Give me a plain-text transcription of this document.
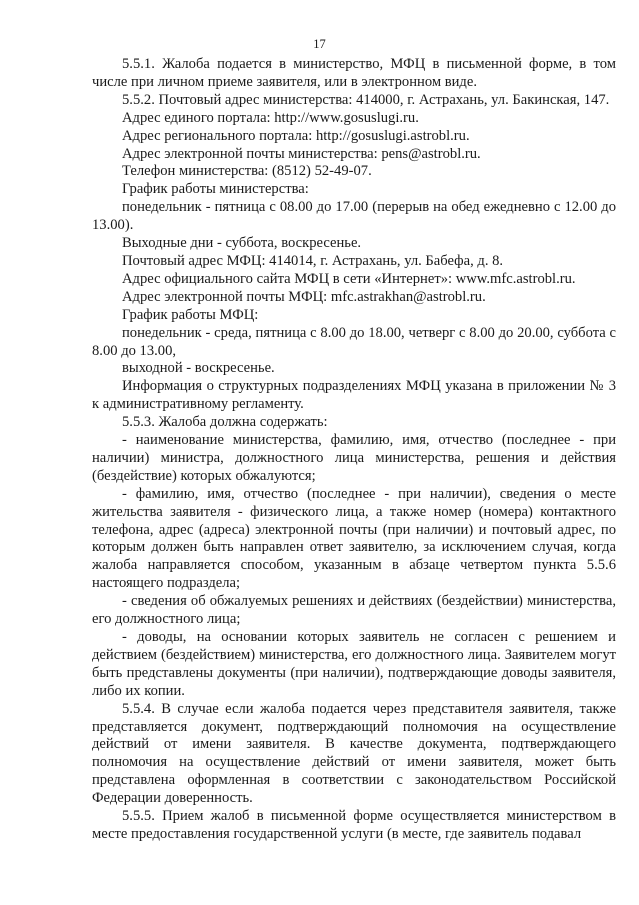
17

5.5.1. Жалоба подается в министерство, МФЦ в письменной форме, в том числе при личном приеме заявителя, или в электронном виде.

5.5.2. Почтовый адрес министерства: 414000, г. Астрахань, ул. Бакинская, 147.

Адрес единого портала: http://www.gosuslugi.ru.

Адрес регионального портала: http://gosuslugi.astrobl.ru.

Адрес электронной почты министерства: pens@astrobl.ru.

Телефон министерства: (8512) 52-49-07.

График работы министерства:

понедельник - пятница с 08.00 до 17.00 (перерыв на обед ежедневно с 12.00 до 13.00).

Выходные дни - суббота, воскресенье.

Почтовый адрес МФЦ: 414014, г. Астрахань, ул. Бабефа, д. 8.

Адрес официального сайта МФЦ в сети «Интернет»: www.mfc.astrobl.ru.

Адрес электронной почты МФЦ: mfc.astrakhan@astrobl.ru.

График работы МФЦ:

понедельник - среда, пятница с 8.00 до 18.00, четверг с 8.00 до 20.00, суббота с 8.00 до 13.00,

выходной - воскресенье.

Информация о структурных подразделениях МФЦ указана в приложении № 3 к административному регламенту.

5.5.3. Жалоба должна содержать:

- наименование министерства, фамилию, имя, отчество (последнее - при наличии) министра, должностного лица министерства, решения и действия (бездействие) которых обжалуются;

- фамилию, имя, отчество (последнее - при наличии), сведения о месте жительства заявителя - физического лица, а также номер (номера) контактного телефона, адрес (адреса) электронной почты (при наличии) и почтовый адрес, по которым должен быть направлен ответ заявителю, за исключением случая, когда жалоба направляется способом, указанным в абзаце четвертом пункта 5.5.6 настоящего подраздела;

- сведения об обжалуемых решениях и действиях (бездействии) министерства, его должностного лица;

- доводы, на основании которых заявитель не согласен с решением и действием (бездействием) министерства, его должностного лица. Заявителем могут быть представлены документы (при наличии), подтверждающие доводы заявителя, либо их копии.

5.5.4. В случае если жалоба подается через представителя заявителя, также представляется документ, подтверждающий полномочия на осуществление действий от имени заявителя. В качестве документа, подтверждающего полномочия на осуществление действий от имени заявителя, может быть представлена оформленная в соответствии с законодательством Российской Федерации доверенность.

5.5.5. Прием жалоб в письменной форме осуществляется министерством в месте предоставления государственной услуги (в месте, где заявитель подавал
